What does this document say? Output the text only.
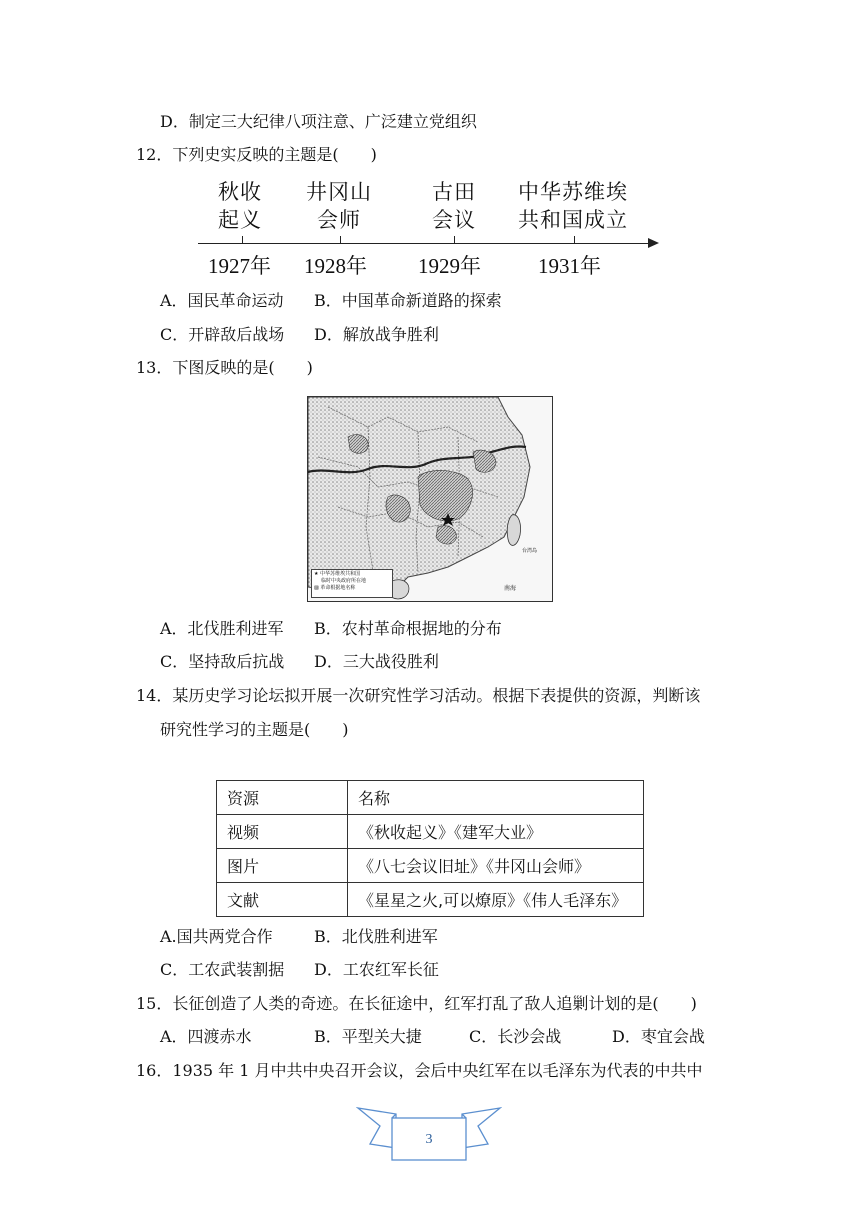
D．制定三大纪律八项注意、广泛建立党组织
12．下列史实反映的主题是(　　)
秋收
起义
井冈山
会师
古田
会议
中华苏维埃
共和国成立
1927年 1928年 1929年	1931年
A．国民革命运动 B．中国革命新道路的探索
C．开辟敌后战场 D．解放战争胜利
13．下图反映的是(　　)
★ 中华苏维埃共和国
临时中央政府所在地
▨ 革命根据地名称	南海
台湾岛
A．北伐胜利进军 B．农村革命根据地的分布
C．坚持敌后抗战 D．三大战役胜利
14．某历史学习论坛拟开展一次研究性学习活动。根据下表提供的资源，判断该
研究性学习的主题是(　　)
资源	名称
视频	《秋收起义》《建军大业》
图片	《八七会议旧址》《井冈山会师》
文献	《星星之火,可以燎原》《伟人毛泽东》
A.国共两党合作	B．北伐胜利进军
C．工农武装割据 D．工农红军长征
15．长征创造了人类的奇迹。在长征途中，红军打乱了敌人追剿计划的是(　　)
A．四渡赤水	B．平型关大捷	C．长沙会战	D．枣宜会战
16．1935 年 1 月中共中央召开会议，会后中央红军在以毛泽东为代表的中共中
3
